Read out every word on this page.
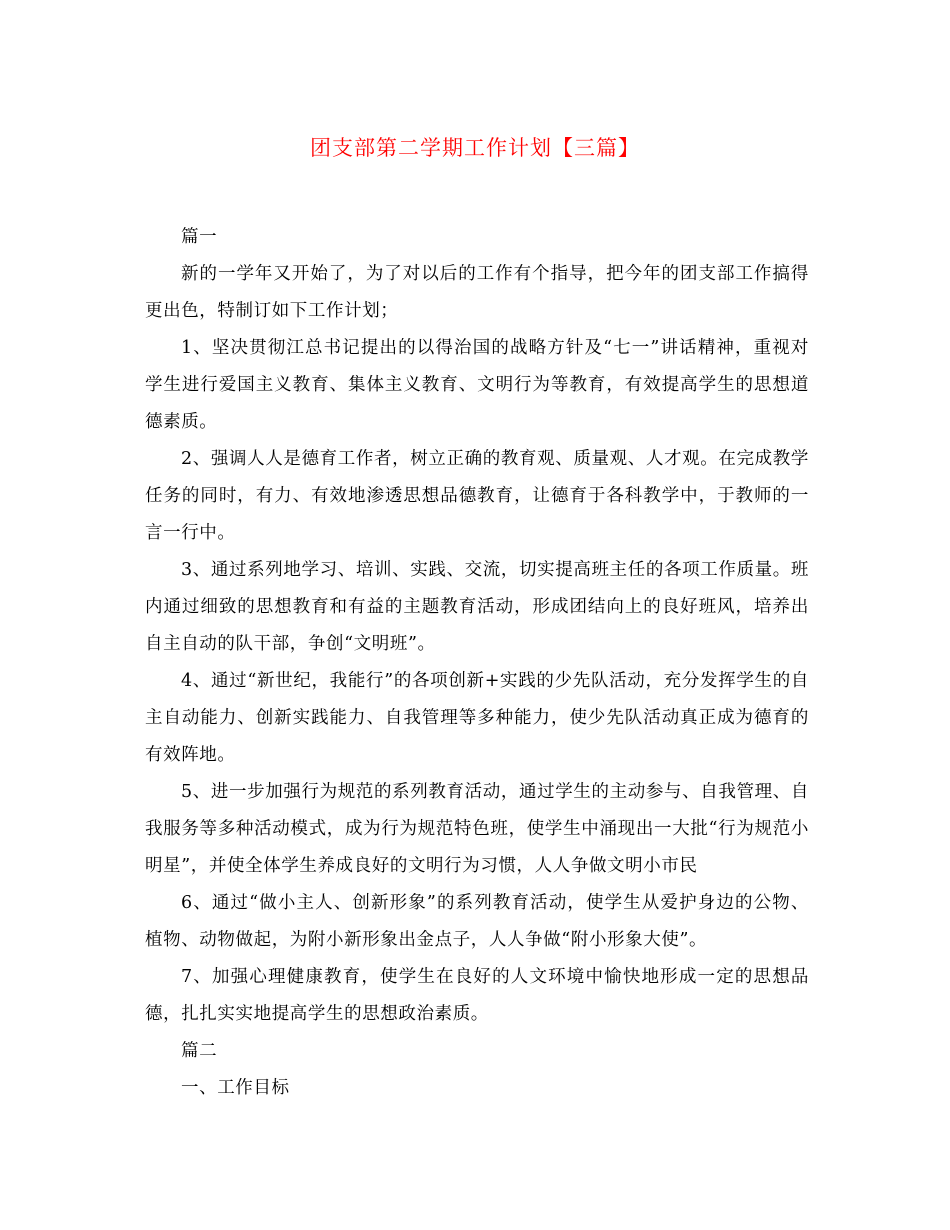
团支部第二学期工作计划【三篇】

篇一

新的一学年又开始了，为了对以后的工作有个指导，把今年的团支部工作搞得更出色，特制订如下工作计划；

1、坚决贯彻江总书记提出的以得治国的战略方针及“七一”讲话精神，重视对学生进行爱国主义教育、集体主义教育、文明行为等教育，有效提高学生的思想道德素质。

2、强调人人是德育工作者，树立正确的教育观、质量观、人才观。在完成教学任务的同时，有力、有效地渗透思想品德教育，让德育于各科教学中，于教师的一言一行中。

3、通过系列地学习、培训、实践、交流，切实提高班主任的各项工作质量。班内通过细致的思想教育和有益的主题教育活动，形成团结向上的良好班风，培养出自主自动的队干部，争创“文明班”。

4、通过“新世纪，我能行”的各项创新+实践的少先队活动，充分发挥学生的自主自动能力、创新实践能力、自我管理等多种能力，使少先队活动真正成为德育的有效阵地。

5、进一步加强行为规范的系列教育活动，通过学生的主动参与、自我管理、自我服务等多种活动模式，成为行为规范特色班，使学生中涌现出一大批“行为规范小明星”，并使全体学生养成良好的文明行为习惯，人人争做文明小市民

6、通过“做小主人、创新形象”的系列教育活动，使学生从爱护身边的公物、植物、动物做起，为附小新形象出金点子，人人争做“附小形象大使”。

7、加强心理健康教育，使学生在良好的人文环境中愉快地形成一定的思想品德，扎扎实实地提高学生的思想政治素质。

篇二

一、工作目标
